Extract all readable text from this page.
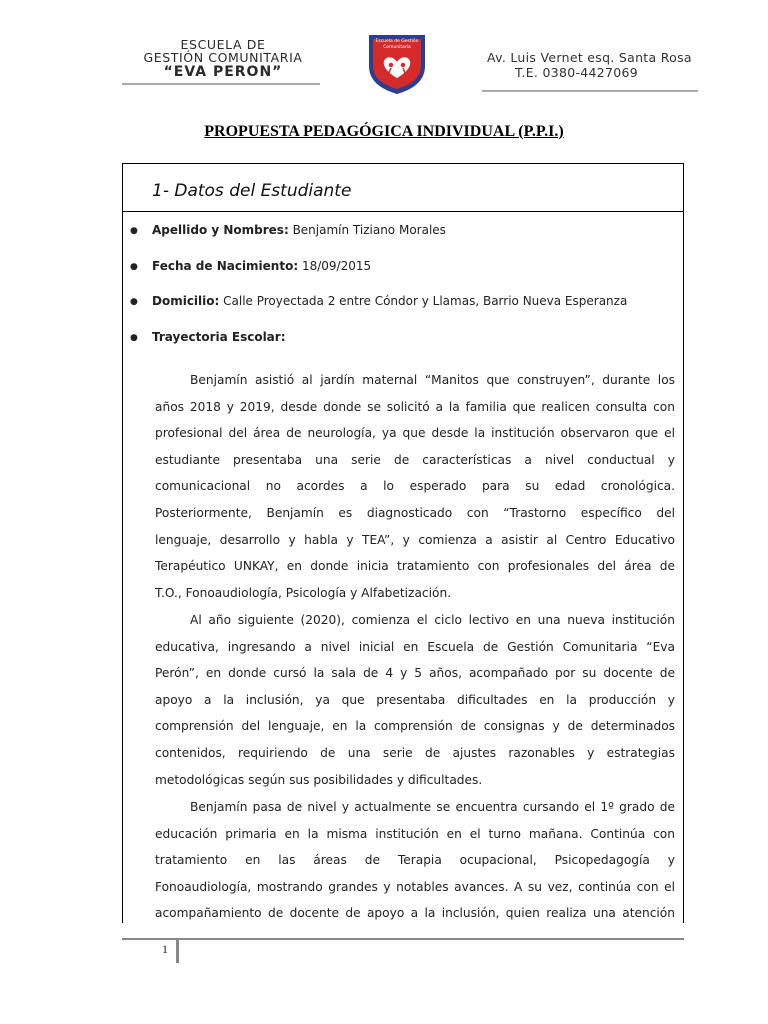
ESCUELA DE
GESTIÓN COMUNITARIA
“EVA PERON”
Escuela de Gestión
Comunitaria
Av. Luis Vernet esq. Santa Rosa
T.E. 0380-4427069
PROPUESTA PEDAGÓGICA INDIVIDUAL (P.P.I.)
1- Datos del Estudiante
● Apellido y Nombres: Benjamín Tiziano Morales
● Fecha de Nacimiento: 18/09/2015
● Domicilio: Calle Proyectada 2 entre Cóndor y Llamas, Barrio Nueva Esperanza
● Trayectoria Escolar:
Benjamín asistió al jardín maternal “Manitos que construyen”, durante los
años 2018 y 2019, desde donde se solicitó a la familia que realicen consulta con
profesional del área de neurología, ya que desde la institución observaron que el
estudiante presentaba una serie de características a nivel conductual y
comunicacional no acordes a lo esperado para su edad cronológica.
Posteriormente, Benjamín es diagnosticado con “Trastorno específico del
lenguaje, desarrollo y habla y TEA”, y comienza a asistir al Centro Educativo
Terapéutico UNKAY, en donde inicia tratamiento con profesionales del área de
T.O., Fonoaudiología, Psicología y Alfabetización.
Al año siguiente (2020), comienza el ciclo lectivo en una nueva institución
educativa, ingresando a nivel inicial en Escuela de Gestión Comunitaria “Eva
Perón”, en donde cursó la sala de 4 y 5 años, acompañado por su docente de
apoyo a la inclusión, ya que presentaba dificultades en la producción y
comprensión del lenguaje, en la comprensión de consignas y de determinados
contenidos, requiriendo de una serie de ajustes razonables y estrategias
metodológicas según sus posibilidades y dificultades.
Benjamín pasa de nivel y actualmente se encuentra cursando el 1º grado de
educación primaria en la misma institución en el turno mañana. Continúa con
tratamiento en las áreas de Terapia ocupacional, Psicopedagogía y
Fonoaudiología, mostrando grandes y notables avances. A su vez, continúa con el
acompañamiento de docente de apoyo a la inclusión, quien realiza una atención
1
